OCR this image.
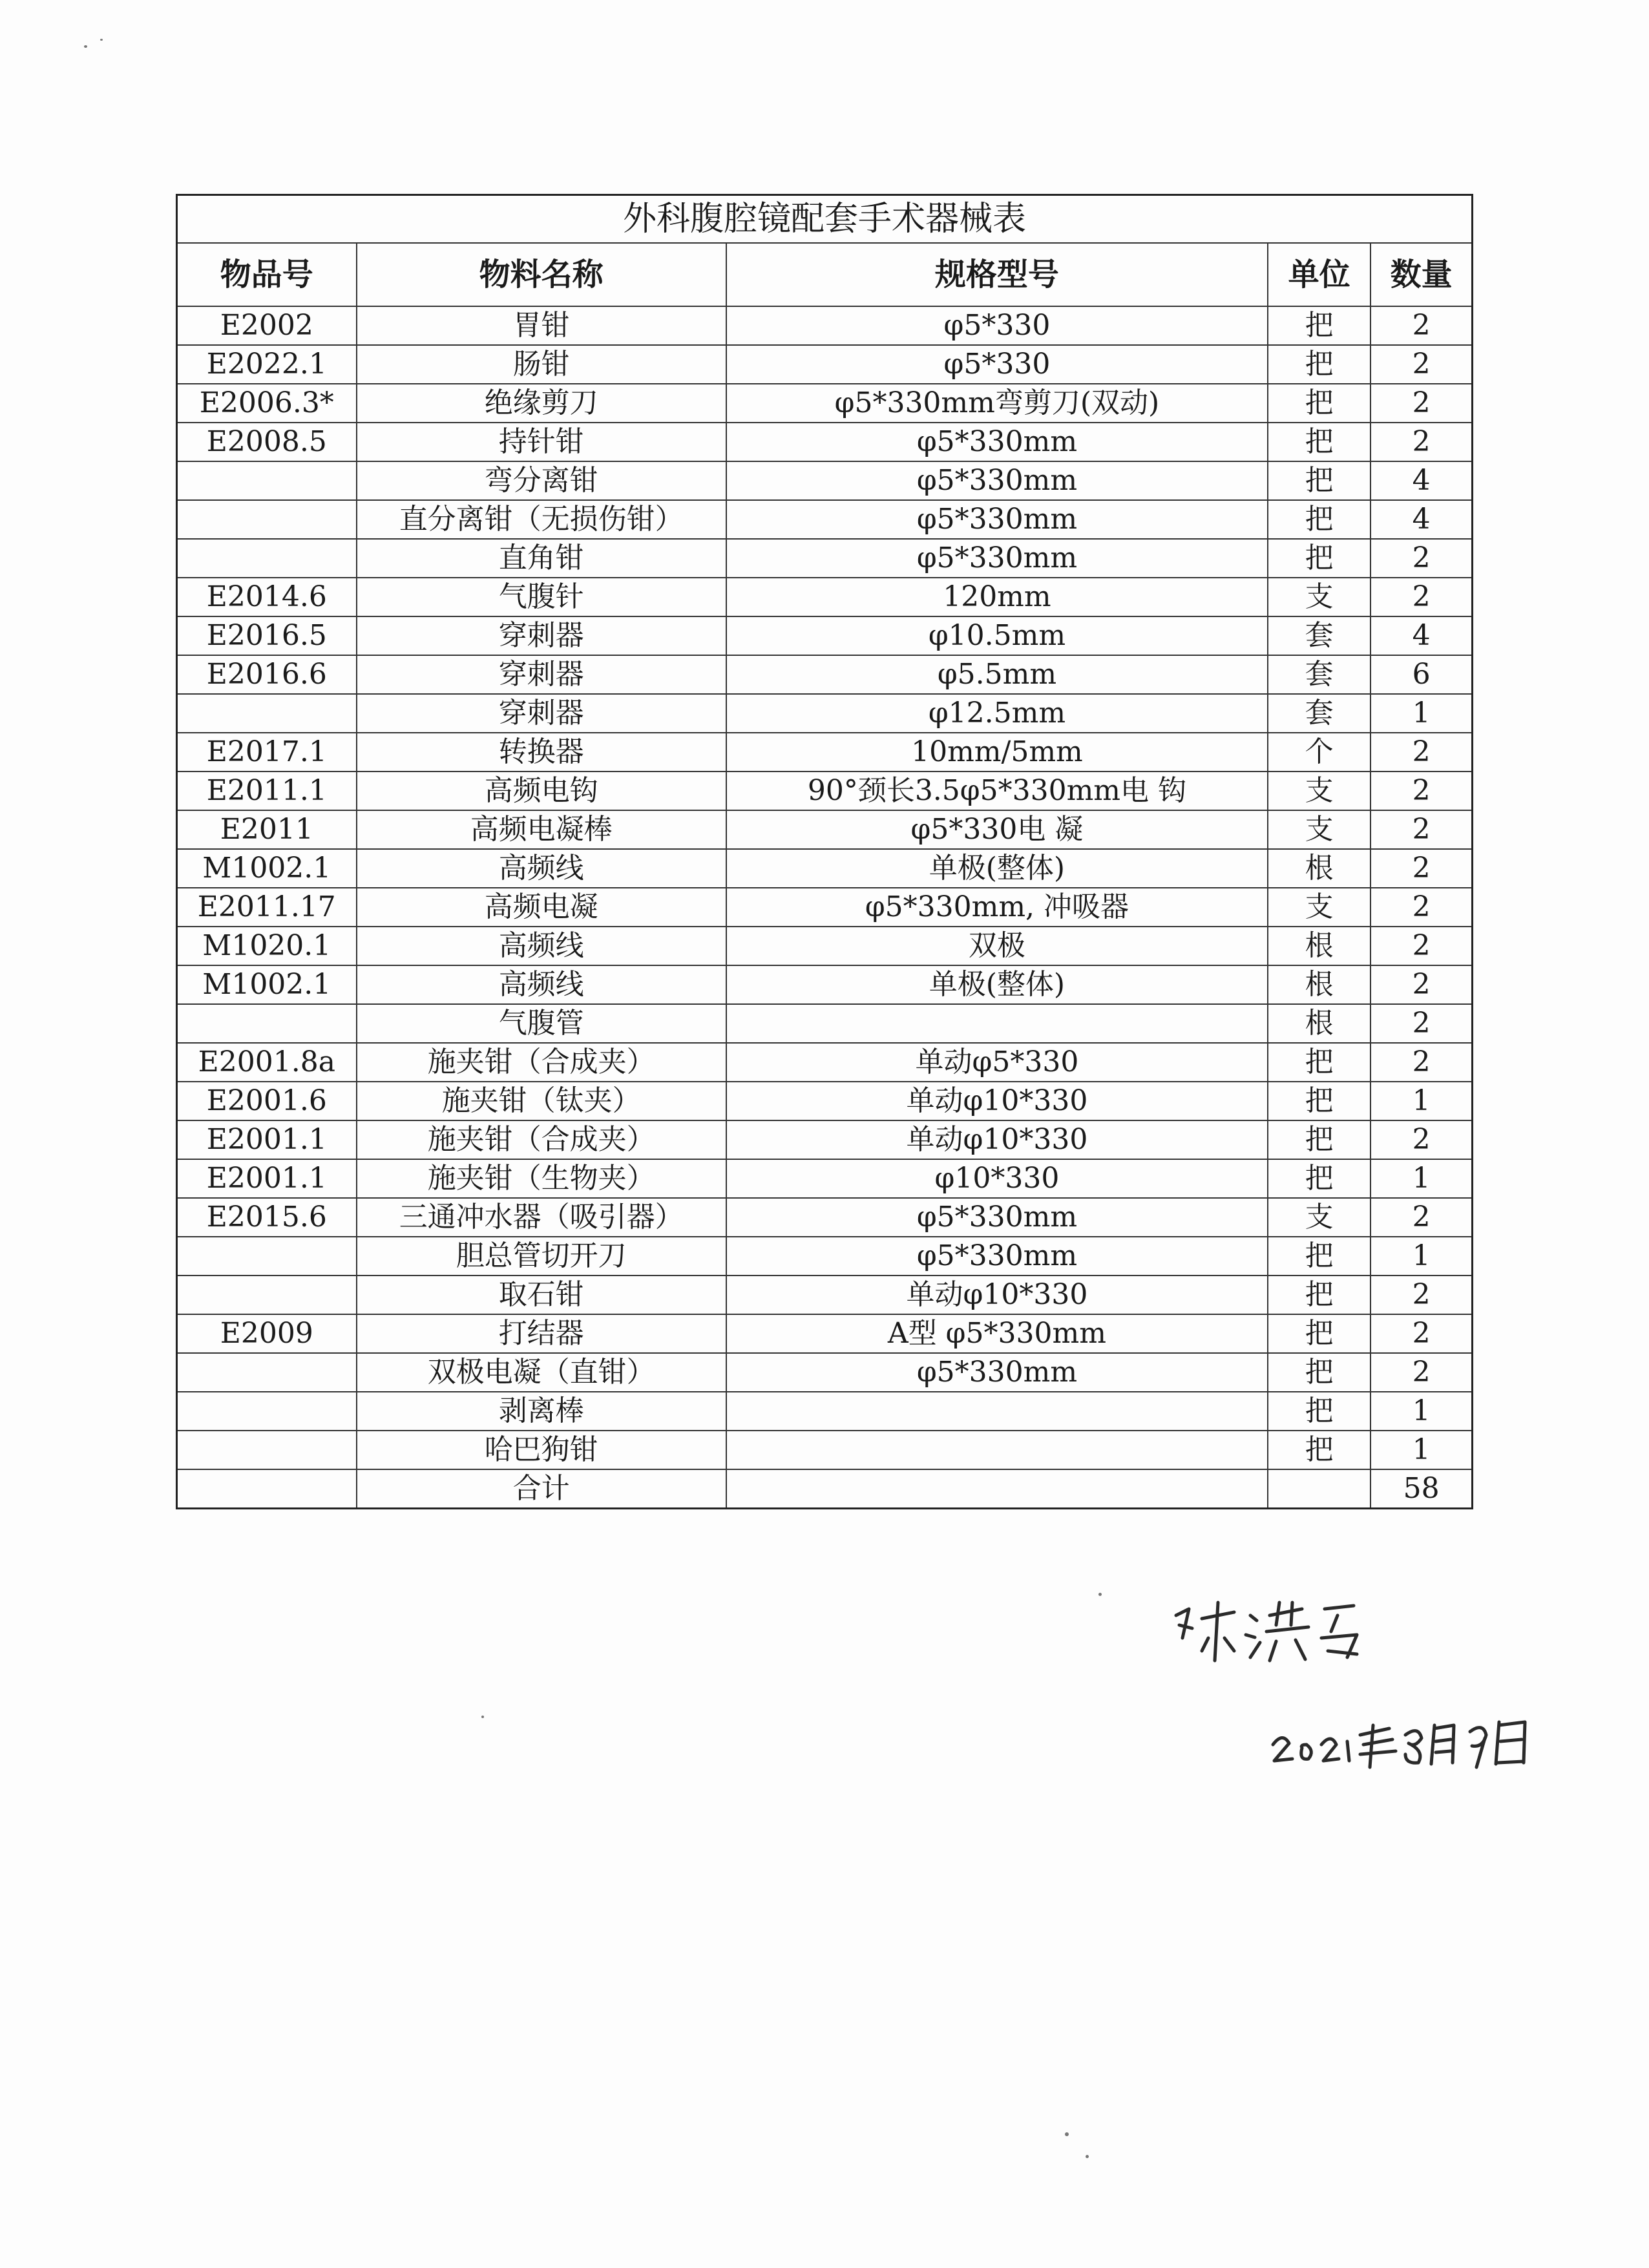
外科腹腔镜配套手术器械表				
物品号	物料名称	规格型号	单位	数量
E2002	胃钳	φ5*330	把	2
E2022.1	肠钳	φ5*330	把	2
E2006.3*	绝缘剪刀	φ5*330mm弯剪刀(双动)	把	2
E2008.5	持针钳	φ5*330mm	把	2
	弯分离钳	φ5*330mm	把	4
	直分离钳（无损伤钳）	φ5*330mm	把	4
	直角钳	φ5*330mm	把	2
E2014.6	气腹针	120mm	支	2
E2016.5	穿刺器	φ10.5mm	套	4
E2016.6	穿刺器	φ5.5mm	套	6
	穿刺器	φ12.5mm	套	1
E2017.1	转换器	10mm/5mm	个	2
E2011.1	高频电钩	90°颈长3.5φ5*330mm电 钩	支	2
E2011	高频电凝棒	φ5*330电 凝	支	2
M1002.1	高频线	单极(整体)	根	2
E2011.17	高频电凝	φ5*330mm, 冲吸器	支	2
M1020.1	高频线	双极	根	2
M1002.1	高频线	单极(整体)	根	2
	气腹管		根	2
E2001.8a	施夹钳（合成夹）	单动φ5*330	把	2
E2001.6	施夹钳（钛夹）	单动φ10*330	把	1
E2001.1	施夹钳（合成夹）	单动φ10*330	把	2
E2001.1	施夹钳（生物夹）	φ10*330	把	1
E2015.6	三通冲水器（吸引器）	φ5*330mm	支	2
	胆总管切开刀	φ5*330mm	把	1
	取石钳	单动φ10*330	把	2
E2009	打结器	A型 φ5*330mm	把	2
	双极电凝（直钳）	φ5*330mm	把	2
	剥离棒		把	1
	哈巴狗钳		把	1
	合计			58
